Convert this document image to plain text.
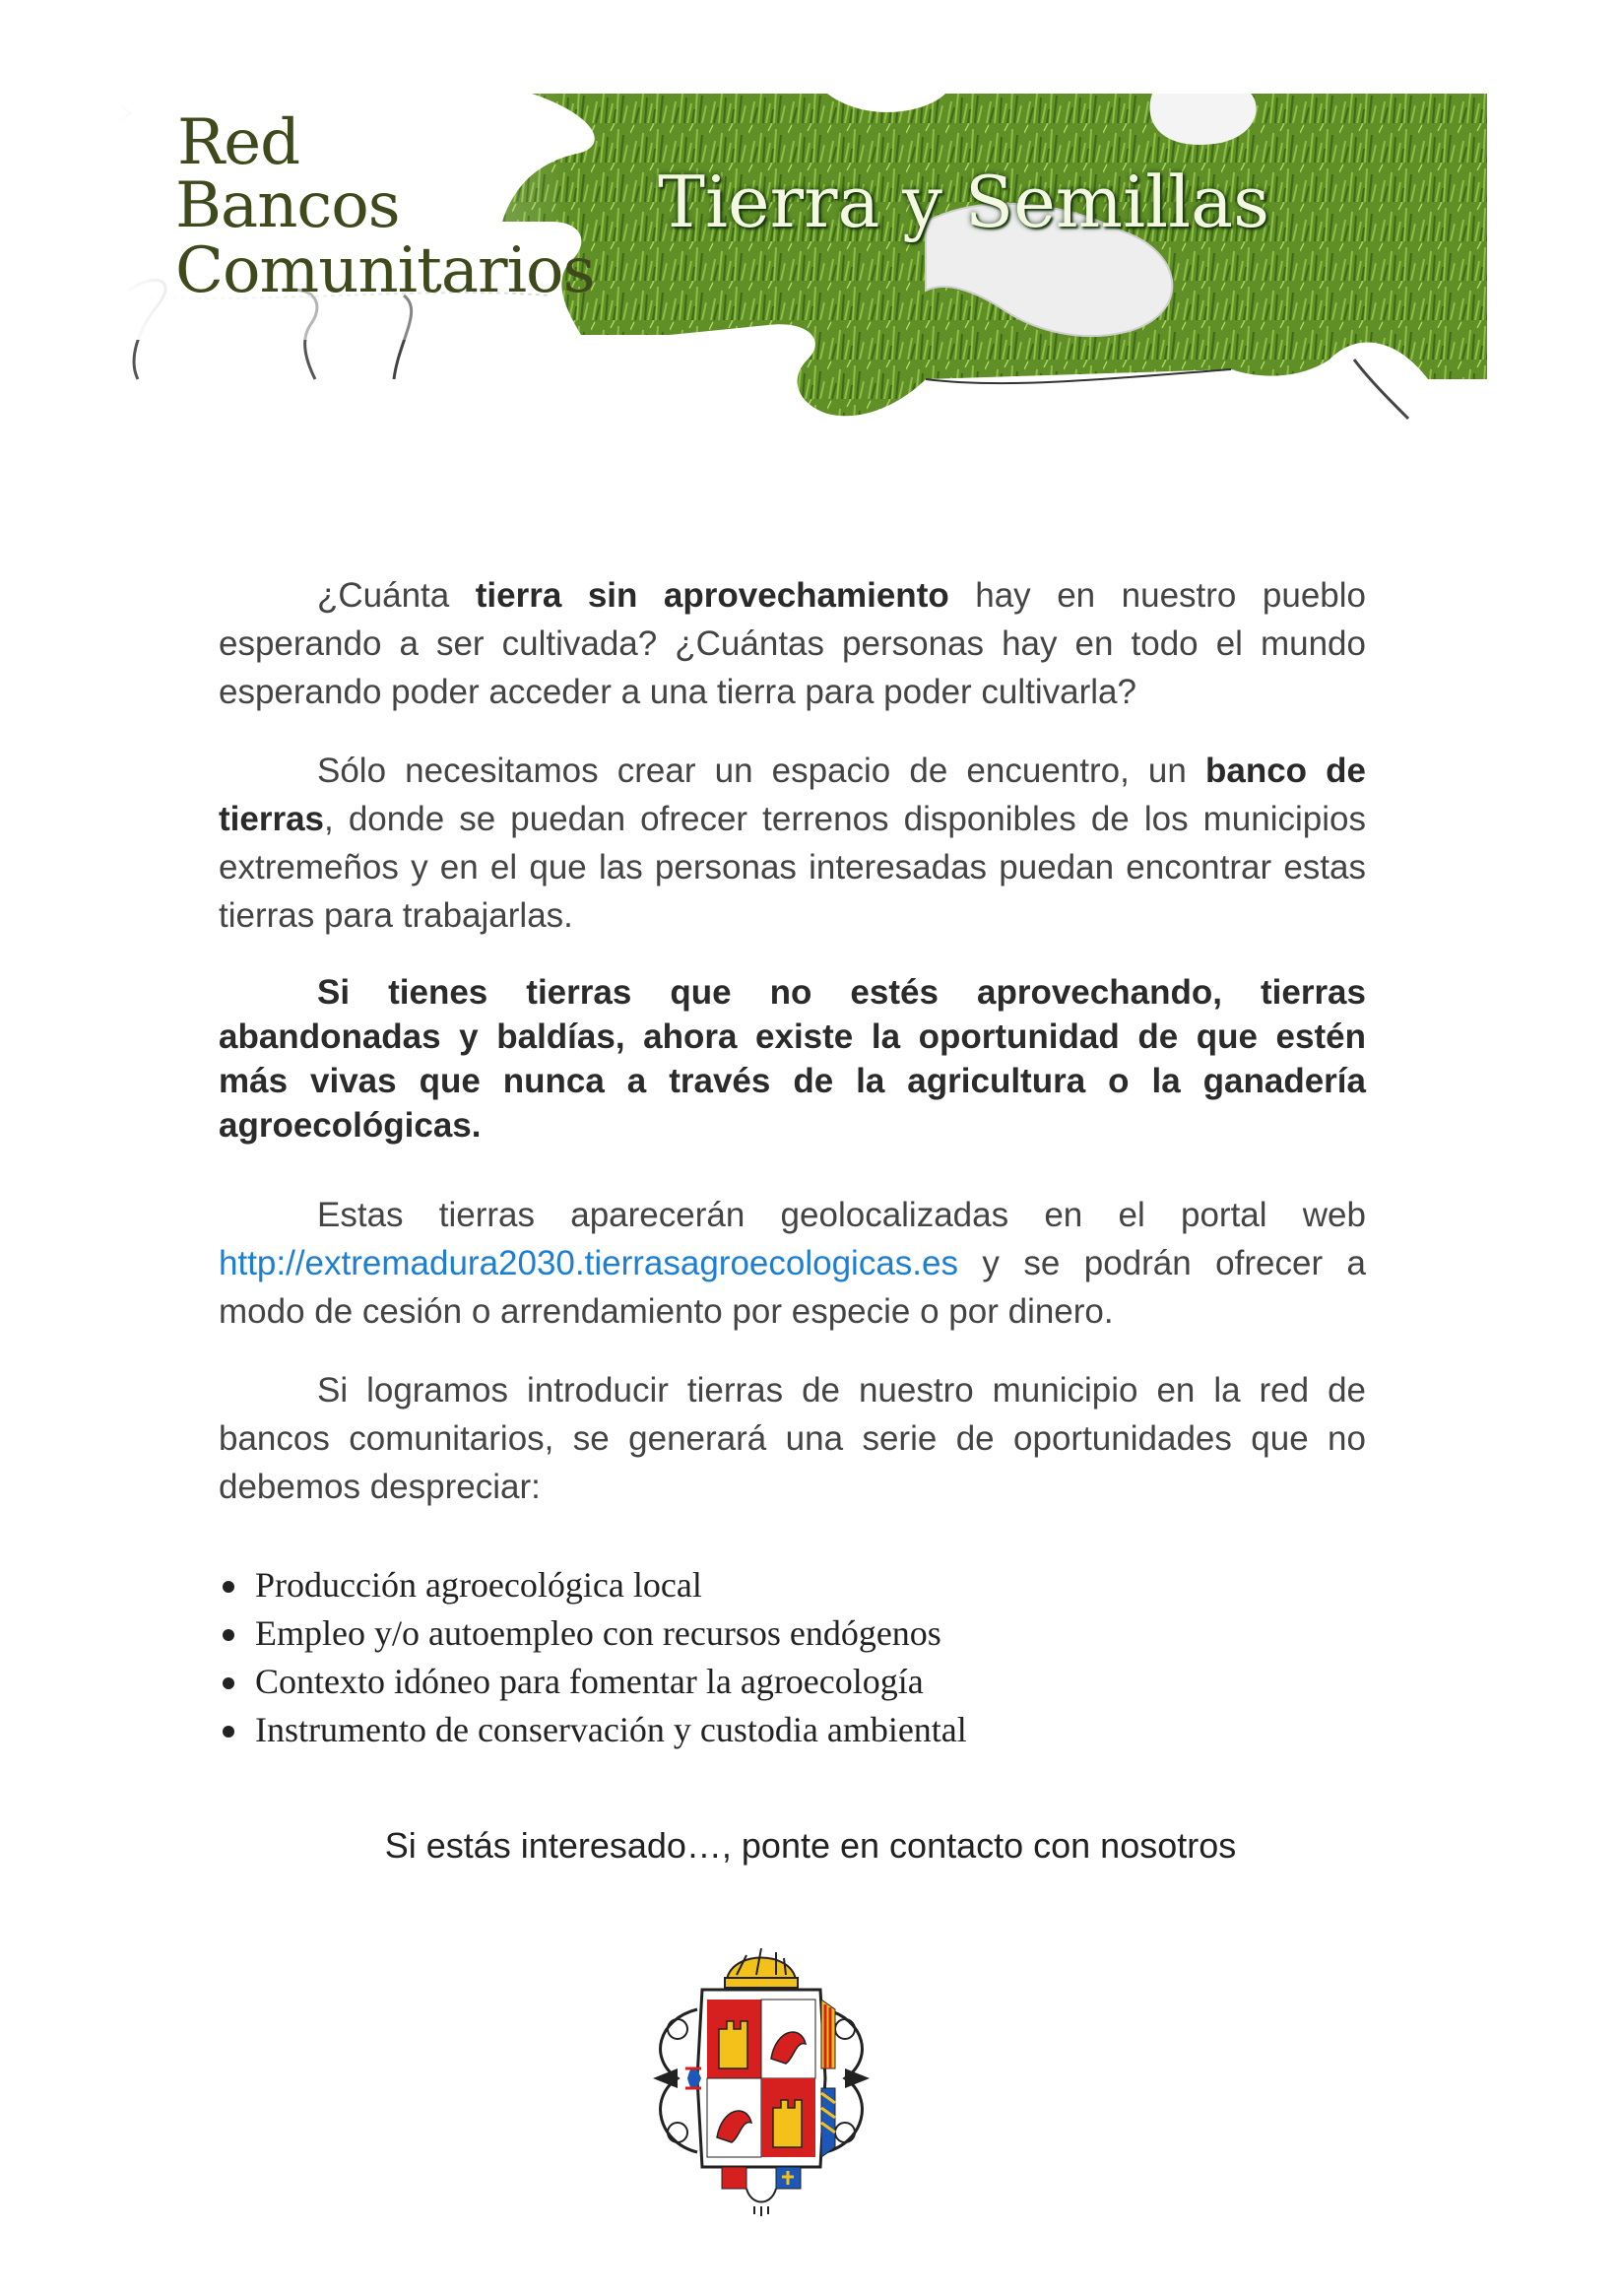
Red
Bancos
Comunitarios
Tierra y Semillas

¿Cuánta tierra sin aprovechamiento hay en nuestro pueblo esperando a ser cultivada? ¿Cuántas personas hay en todo el mundo esperando poder acceder a una tierra para poder cultivarla?

Sólo necesitamos crear un espacio de encuentro, un banco de tierras, donde se puedan ofrecer terrenos disponibles de los municipios extremeños y en el que las personas interesadas puedan encontrar estas tierras para trabajarlas.

Si tienes tierras que no estés aprovechando, tierras abandonadas y baldías, ahora existe la oportunidad de que estén más vivas que nunca a través de la agricultura o la ganadería agroecológicas.

Estas tierras aparecerán geolocalizadas en el portal web http://extremadura2030.tierrasagroecologicas.es y se podrán ofrecer a modo de cesión o arrendamiento por especie o por dinero.

Si logramos introducir tierras de nuestro municipio en la red de bancos comunitarios, se generará una serie de oportunidades que no debemos despreciar:

Producción agroecológica local
Empleo y/o autoempleo con recursos endógenos
Contexto idóneo para fomentar la agroecología
Instrumento de conservación y custodia ambiental
Si estás interesado…, ponte en contacto con nosotros
